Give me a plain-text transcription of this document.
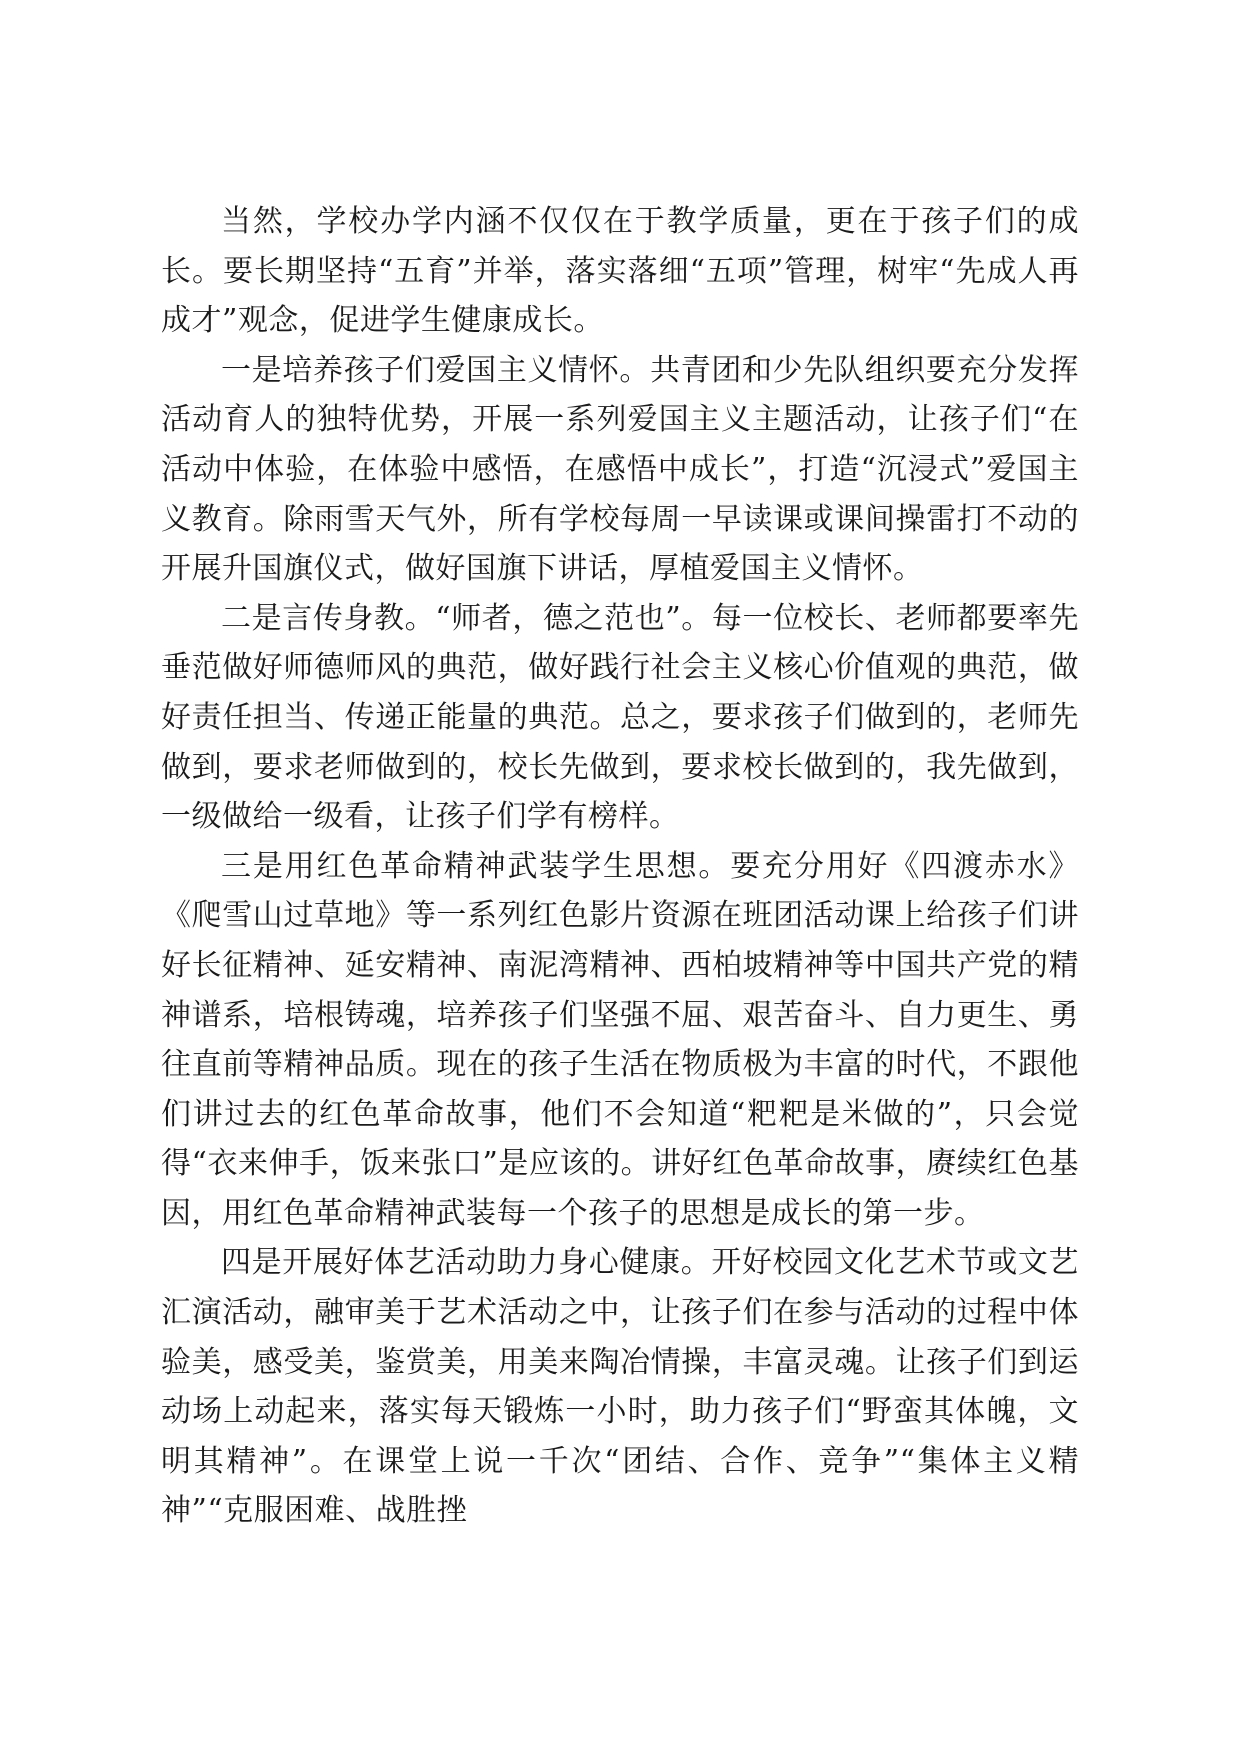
当然，学校办学内涵不仅仅在于教学质量，更在于孩子们的成长。要长期坚持“五育”并举，落实落细“五项”管理，树牢“先成人再成才”观念，促进学生健康成长。

一是培养孩子们爱国主义情怀。共青团和少先队组织要充分发挥活动育人的独特优势，开展一系列爱国主义主题活动，让孩子们“在活动中体验，在体验中感悟，在感悟中成长”，打造“沉浸式”爱国主义教育。除雨雪天气外，所有学校每周一早读课或课间操雷打不动的开展升国旗仪式，做好国旗下讲话，厚植爱国主义情怀。

二是言传身教。“师者，德之范也”。每一位校长、老师都要率先垂范做好师德师风的典范，做好践行社会主义核心价值观的典范，做好责任担当、传递正能量的典范。总之，要求孩子们做到的，老师先做到，要求老师做到的，校长先做到，要求校长做到的，我先做到，一级做给一级看，让孩子们学有榜样。

三是用红色革命精神武装学生思想。要充分用好《四渡赤水》《爬雪山过草地》等一系列红色影片资源在班团活动课上给孩子们讲好长征精神、延安精神、南泥湾精神、西柏坡精神等中国共产党的精神谱系，培根铸魂，培养孩子们坚强不屈、艰苦奋斗、自力更生、勇往直前等精神品质。现在的孩子生活在物质极为丰富的时代，不跟他们讲过去的红色革命故事，他们不会知道“粑粑是米做的”，只会觉得“衣来伸手，饭来张口”是应该的。讲好红色革命故事，赓续红色基因，用红色革命精神武装每一个孩子的思想是成长的第一步。

四是开展好体艺活动助力身心健康。开好校园文化艺术节或文艺汇演活动，融审美于艺术活动之中，让孩子们在参与活动的过程中体验美，感受美，鉴赏美，用美来陶冶情操，丰富灵魂。让孩子们到运动场上动起来，落实每天锻炼一小时，助力孩子们“野蛮其体魄，文明其精神”。在课堂上说一千次“团结、合作、竞争”“集体主义精神”“克服困难、战胜挫
